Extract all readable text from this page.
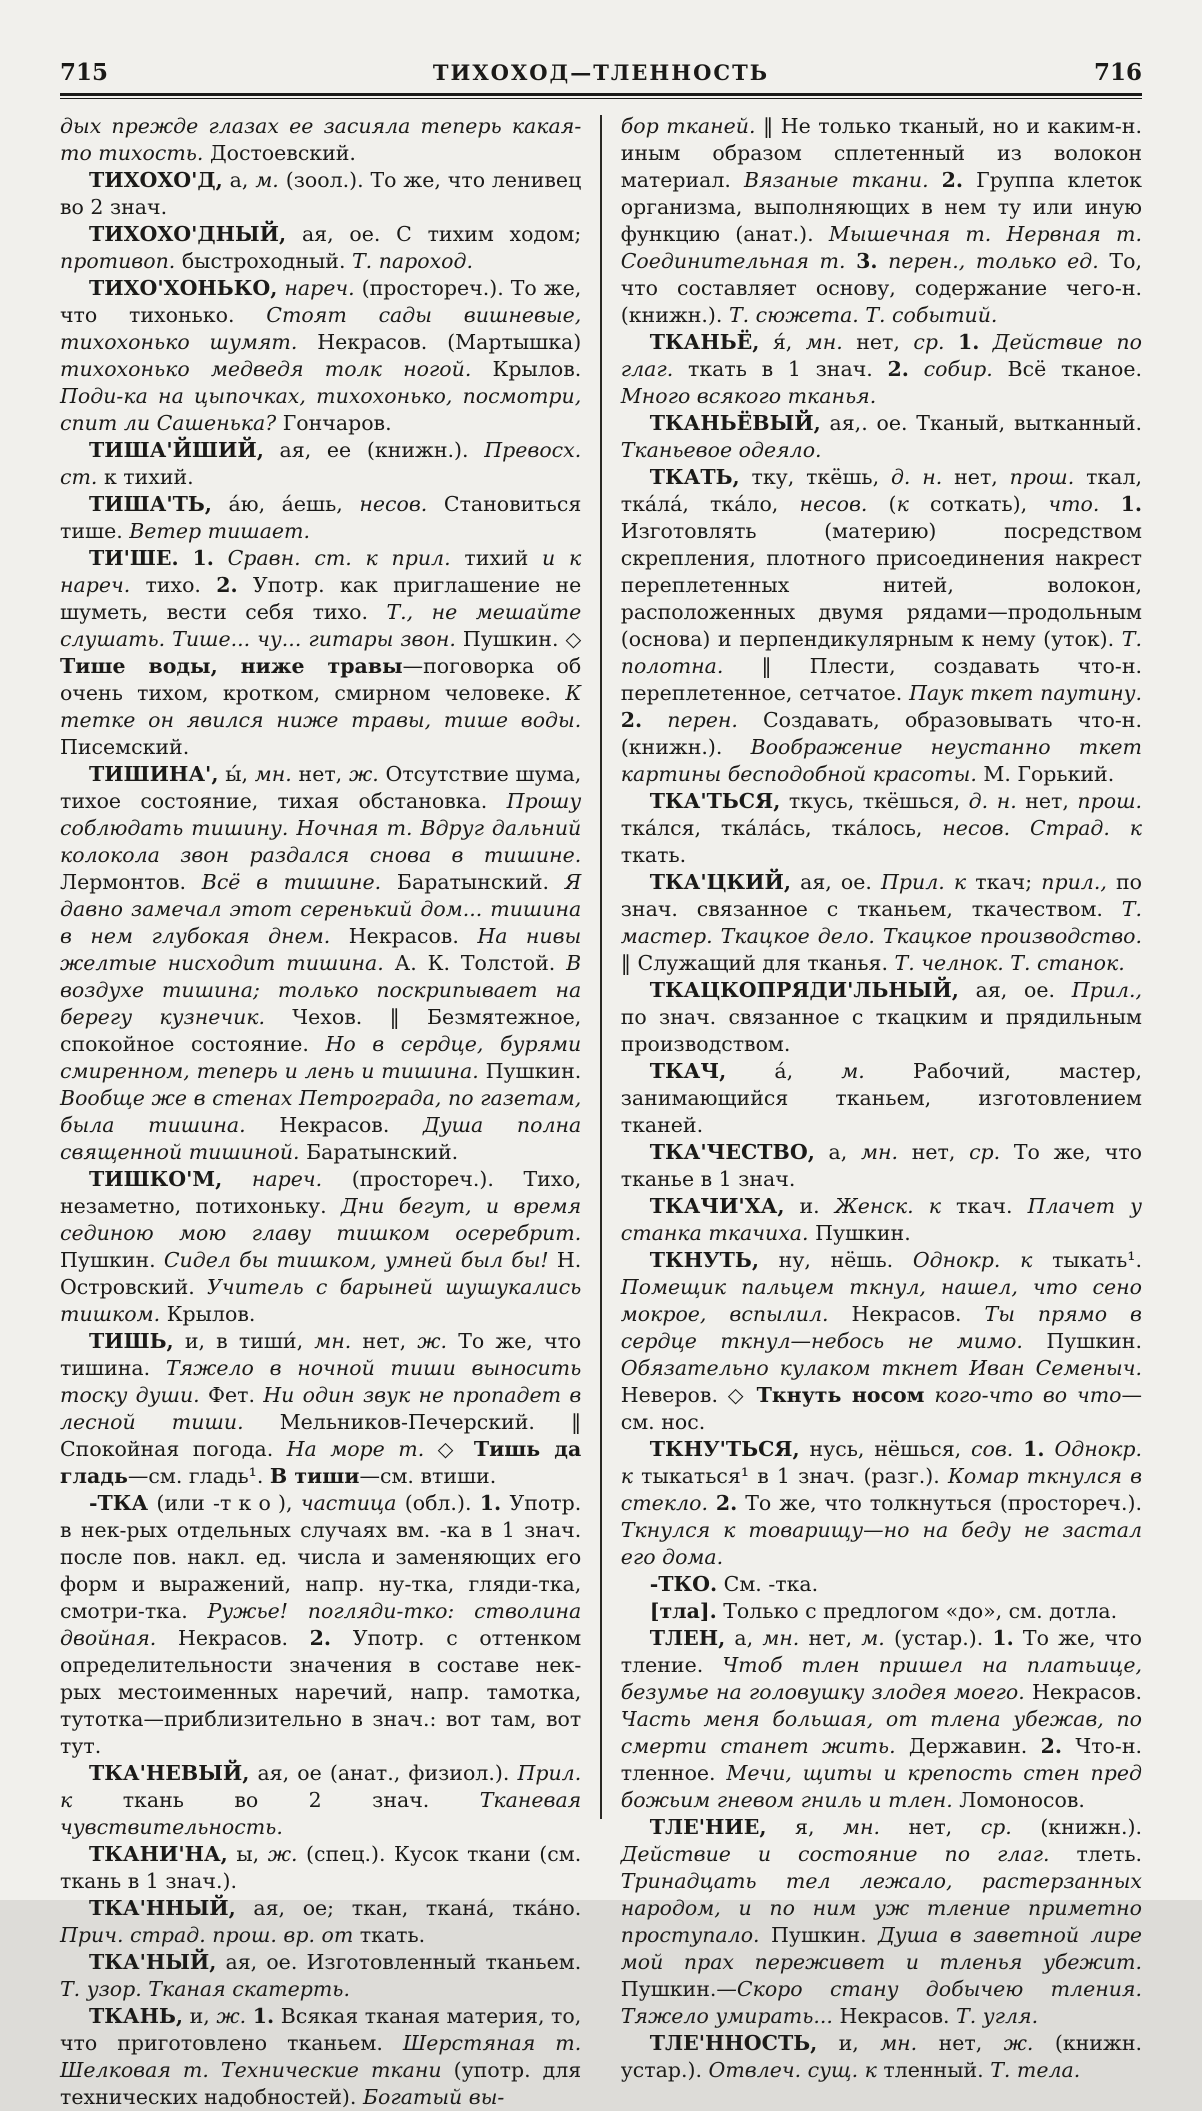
715	ТИХОХОД—ТЛЕННОСТЬ	716

дых прежде глазах ее засияла теперь какая-то тихость. Достоевский.

ТИХОХО'Д, а, м. (зоол.). То же, что ленивец во 2 знач.

ТИХОХО'ДНЫЙ, ая, ое. С тихим ходом; противоп. быстроходный. Т. пароход.

ТИХО'ХОНЬКО, нареч. (простореч.). То же, что тихонько. Стоят сады вишневые, тихохонько шумят. Некрасов. (Мартышка) тихохонько медведя толк ногой. Крылов. Поди-ка на цыпочках, тихохонько, посмотри, спит ли Сашенька? Гончаров.

ТИША'ЙШИЙ, ая, ее (книжн.). Превосх. ст. к тихий.

ТИША'ТЬ, а́ю, а́ешь, несов. Становиться тише. Ветер тишает.

ТИ'ШЕ. 1. Сравн. ст. к прил. тихий и к нареч. тихо. 2. Употр. как приглашение не шуметь, вести себя тихо. Т., не мешайте слушать. Тише... чу... гитары звон. Пушкин. ◇ Тише воды, ниже травы—поговорка об очень тихом, кротком, смирном человеке. К тетке он явился ниже травы, тише воды. Писемский.

ТИШИНА', ы́, мн. нет, ж. Отсутствие шума, тихое состояние, тихая обстановка. Прошу соблюдать тишину. Ночная т. Вдруг дальний колокола звон раздался снова в тишине. Лермонтов. Всё в тишине. Баратынский. Я давно замечал этот серенький дом... тишина в нем глубокая днем. Некрасов. На нивы желтые нисходит тишина. А. К. Толстой. В воздухе тишина; только поскрипывает на берегу кузнечик. Чехов. ‖ Безмятежное, спокойное состояние. Но в сердце, бурями смиренном, теперь и лень и тишина. Пушкин. Вообще же в стенах Петрограда, по газетам, была тишина. Некрасов. Душа полна священной тишиной. Баратынский.

ТИШКО'М, нареч. (простореч.). Тихо, незаметно, потихоньку. Дни бегут, и время сединою мою главу тишком осеребрит. Пушкин. Сидел бы тишком, умней был бы! Н. Островский. Учитель с барыней шушукались тишком. Крылов.

ТИШЬ, и, в тиши́, мн. нет, ж. То же, что тишина. Тяжело в ночной тиши выносить тоску души. Фет. Ни один звук не пропадет в лесной тиши. Мельников-Печерский. ‖ Спокойная погода. На море т. ◇ Тишь да гладь—см. гладь¹. В тиши—см. втиши.

-ТКА (или -тко), частица (обл.). 1. Употр. в нек-рых отдельных случаях вм. -ка в 1 знач. после пов. накл. ед. числа и заменяющих его форм и выражений, напр. ну-тка, гляди-тка, смотри-тка. Ружье! погляди-тко: стволина двойная. Некрасов. 2. Употр. с оттенком определительности значения в составе нек-рых местоименных наречий, напр. тамотка, тутотка—приблизительно в знач.: вот там, вот тут.

ТКА'НЕВЫЙ, ая, ое (анат., физиол.). Прил. к ткань во 2 знач. Тканевая чувствительность.

ТКАНИ'НА, ы, ж. (спец.). Кусок ткани (см. ткань в 1 знач.).

ТКА'ННЫЙ, ая, ое; ткан, ткана́, тка́но. Прич. страд. прош. вр. от ткать.

ТКА'НЫЙ, ая, ое. Изготовленный тканьем. Т. узор. Тканая скатерть.

ТКАНЬ, и, ж. 1. Всякая тканая материя, то, что приготовлено тканьем. Шерстяная т. Шелковая т. Технические ткани (употр. для технических надобностей). Богатый вы-

бор тканей. ‖ Не только тканый, но и каким-н. иным образом сплетенный из волокон материал. Вязаные ткани. 2. Группа клеток организма, выполняющих в нем ту или иную функцию (анат.). Мышечная т. Нервная т. Соединительная т. 3. перен., только ед. То, что составляет основу, содержание чего-н. (книжн.). Т. сюжета. Т. событий.

ТКАНЬЁ, я́, мн. нет, ср. 1. Действие по глаг. ткать в 1 знач. 2. собир. Всё тканое. Много всякого тканья.

ТКАНЬЁВЫЙ, ая,. ое. Тканый, вытканный. Тканьевое одеяло.

ТКАТЬ, тку, ткёшь, д. н. нет, прош. ткал, тка́ла́, тка́ло, несов. (к соткать), что. 1. Изготовлять (материю) посредством скрепления, плотного присоединения накрест переплетенных нитей, волокон, расположенных двумя рядами—продольным (основа) и перпендикулярным к нему (уток). Т. полотна. ‖ Плести, создавать что-н. переплетенное, сетчатое. Паук ткет паутину. 2. перен. Создавать, образовывать что-н. (книжн.). Воображение неустанно ткет картины бесподобной красоты. М. Горький.

ТКА'ТЬСЯ, ткусь, ткёшься, д. н. нет, прош. тка́лся, тка́ла́сь, тка́лось, несов. Страд. к ткать.

ТКА'ЦКИЙ, ая, ое. Прил. к ткач; прил., по знач. связанное с тканьем, ткачеством. Т. мастер. Ткацкое дело. Ткацкое производство. ‖ Служащий для тканья. Т. челнок. Т. станок.

ТКАЦКОПРЯДИ'ЛЬНЫЙ, ая, ое. Прил., по знач. связанное с ткацким и прядильным производством.

ТКАЧ, а́, м. Рабочий, мастер, занимающийся тканьем, изготовлением тканей.

ТКА'ЧЕСТВО, а, мн. нет, ср. То же, что тканье в 1 знач.

ТКАЧИ'ХА, и. Женск. к ткач. Плачет у станка ткачиха. Пушкин.

ТКНУТЬ, ну, нёшь. Однокр. к тыкать¹. Помещик пальцем ткнул, нашел, что сено мокрое, вспылил. Некрасов. Ты прямо в сердце ткнул—небось не мимо. Пушкин. Обязательно кулаком ткнет Иван Семеныч. Неверов. ◇ Ткнуть носом кого-что во что—см. нос.

ТКНУ'ТЬСЯ, нусь, нёшься, сов. 1. Однокр. к тыкаться¹ в 1 знач. (разг.). Комар ткнулся в стекло. 2. То же, что толкнуться (простореч.). Ткнулся к товарищу—но на беду не застал его дома.

-ТКО. См. -тка.

[тла]. Только с предлогом «до», см. дотла.

ТЛЕН, а, мн. нет, м. (устар.). 1. То же, что тление. Чтоб тлен пришел на платьице, безумье на головушку злодея моего. Некрасов. Часть меня большая, от тлена убежав, по смерти станет жить. Державин. 2. Что-н. тленное. Мечи, щиты и крепость стен пред божьим гневом гниль и тлен. Ломоносов.

ТЛЕ'НИЕ, я, мн. нет, ср. (книжн.). Действие и состояние по глаг. тлеть. Тринадцать тел лежало, растерзанных народом, и по ним уж тление приметно проступало. Пушкин. Душа в заветной лире мой прах переживет и тленья убежит. Пушкин.—Скоро стану добычею тления. Тяжело умирать... Некрасов. Т. угля.

ТЛЕ'ННОСТЬ, и, мн. нет, ж. (книжн. устар.). Отвлеч. сущ. к тленный. Т. тела.
